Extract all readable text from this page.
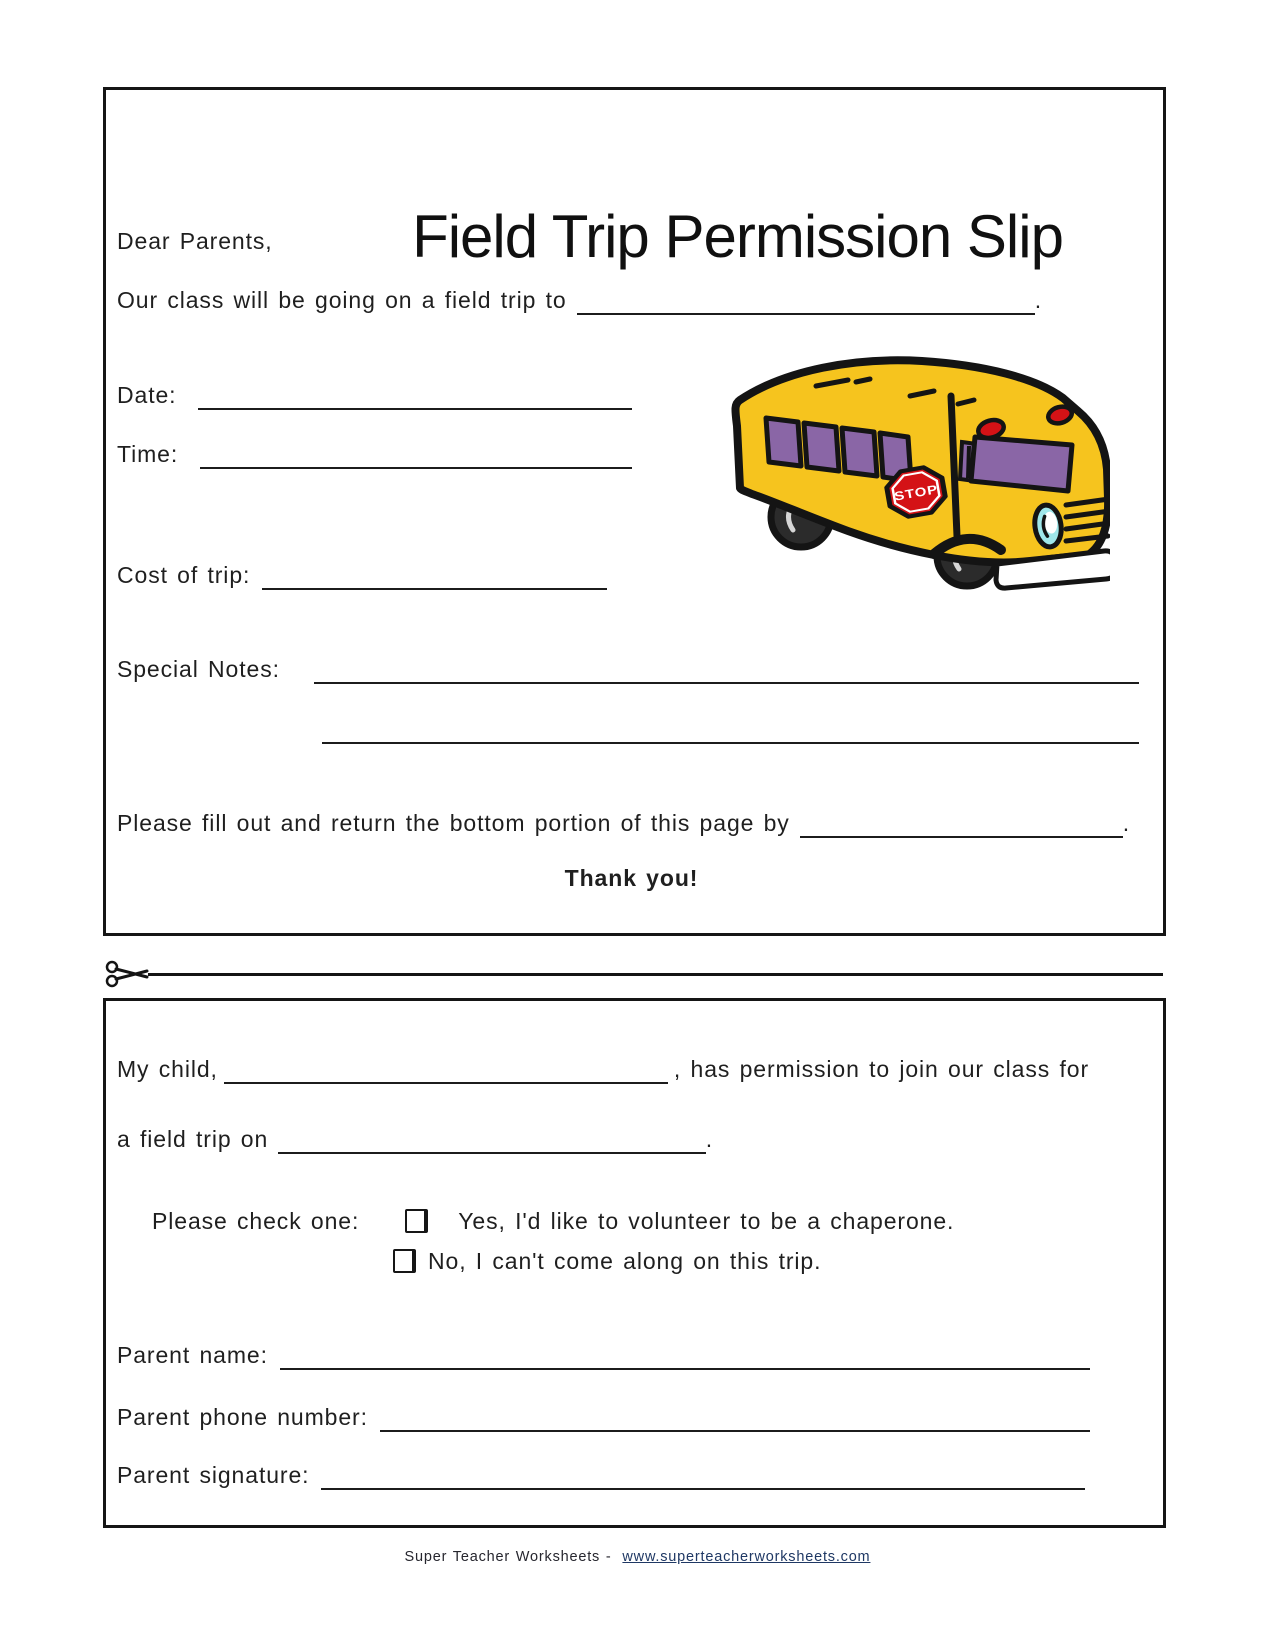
Field Trip Permission Slip
Dear Parents,
Our class will be going on a field trip to	.
Date:
Time:
STOP
Cost of trip:
Special Notes:
Please fill out and return the bottom portion of this page by	.
Thank you!
My child,	, has permission to join our class for
a field trip on	.
Please check one:	Yes, I'd like to volunteer to be a chaperone.
No, I can't come along on this trip.
Parent name:
Parent phone number:
Parent signature:
Super Teacher Worksheets - www.superteacherworksheets.com
